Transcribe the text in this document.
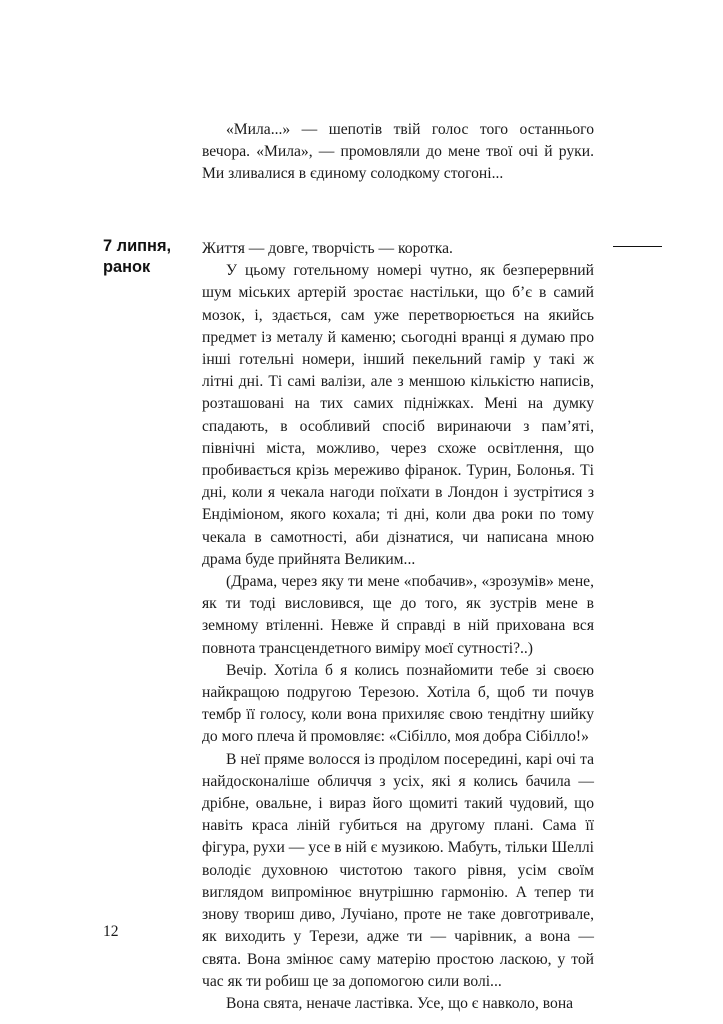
«Мила...» — шепотів твій голос того останнього вечора. «Мила», — промовляли до мене твої очі й руки. Ми зливалися в єдиному солодкому стогоні...

7 липня,
ранок

Життя — довге, творчість — коротка.

У цьому готельному номері чутно, як безперервний шум міських артерій зростає настільки, що б’є в самий мозок, і, здається, сам уже перетворюється на якийсь предмет із металу й каменю; сьогодні вранці я думаю про інші готельні номери, інший пекельний гамір у такі ж літні дні. Ті самі валізи, але з меншою кількістю написів, розташовані на тих самих підніжках. Мені на думку спадають, в особливий спосіб виринаючи з пам’яті, північні міста, можливо, через схоже освітлення, що пробивається крізь мереживо фіранок. Турин, Болонья. Ті дні, коли я чекала нагоди поїхати в Лондон і зустрітися з Ендіміоном, якого кохала; ті дні, коли два роки по тому чекала в самотності, аби дізнатися, чи написана мною драма буде прийнята Великим...

(Драма, через яку ти мене «побачив», «зрозумів» мене, як ти тоді висловився, ще до того, як зустрів мене в земному втіленні. Невже й справді в ній прихована вся повнота трансцендетного виміру моєї сутності?..)

Вечір. Хотіла б я колись познайомити тебе зі своєю найкращою подругою Терезою. Хотіла б, щоб ти почув тембр її голосу, коли вона прихиляє свою тендітну шийку до мого плеча й промовляє: «Сібілло, моя добра Сібілло!»

В неї пряме волосся із проділом посередині, карі очі та найдосконаліше обличчя з усіх, які я колись бачила — дрібне, овальне, і вираз його щомиті такий чудовий, що навіть краса ліній губиться на другому плані. Сама її фігура, рухи — усе в ній є музикою. Мабуть, тільки Шеллі володіє духовною чистотою такого рівня, усім своїм виглядом випромінює внутрішню гармонію. А тепер ти знову твориш диво, Лучіано, проте не таке довготривале, як виходить у Терези, адже ти — чарівник, а вона — свята. Вона змінює саму матерію простою ласкою, у той час як ти робиш це за допомогою сили волі...

Вона свята, неначе ластівка. Усе, що є навколо, вона

12
